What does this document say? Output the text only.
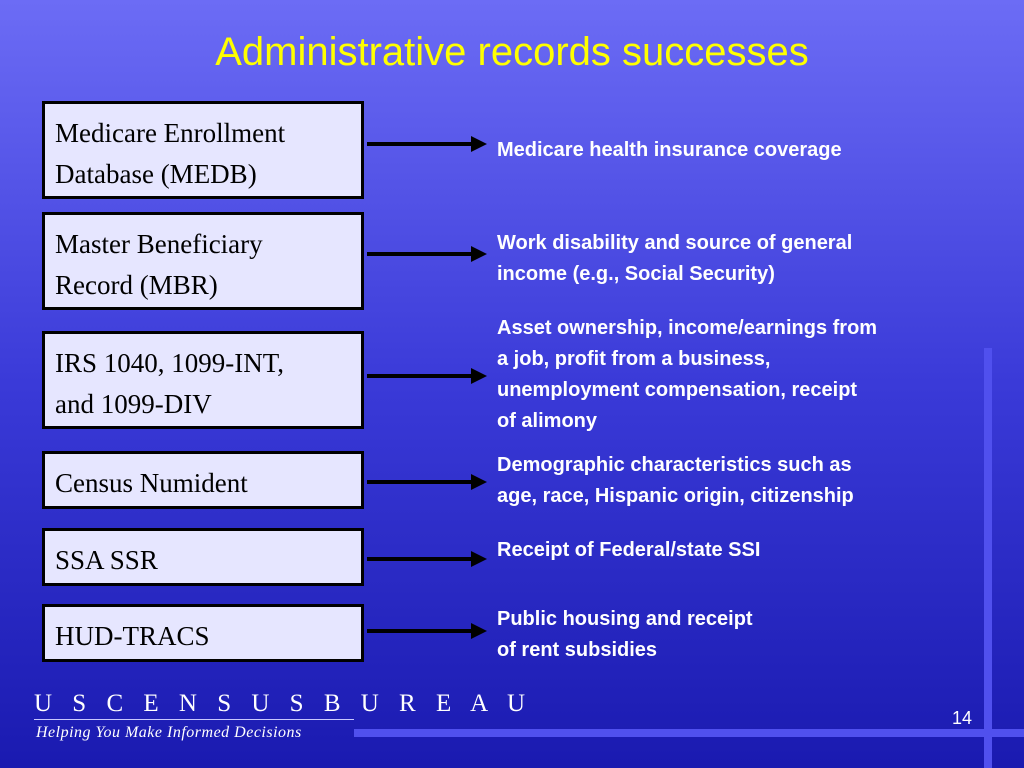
Administrative records successes
Medicare Enrollment
Database (MEDB)
Medicare health insurance coverage
Master Beneficiary
Record (MBR)
Work disability and source of general
income (e.g., Social Security)
IRS 1040, 1099-INT,
and 1099-DIV
Asset ownership, income/earnings from
a job, profit from a business,
unemployment compensation, receipt
of alimony
Census Numident
Demographic characteristics such as
age, race, Hispanic origin, citizenship
SSA SSR	Receipt of Federal/state SSI
HUD-TRACS
Public housing and receipt
of rent subsidies
U S C E N S U S B U R E A U
Helping You Make Informed Decisions
14
